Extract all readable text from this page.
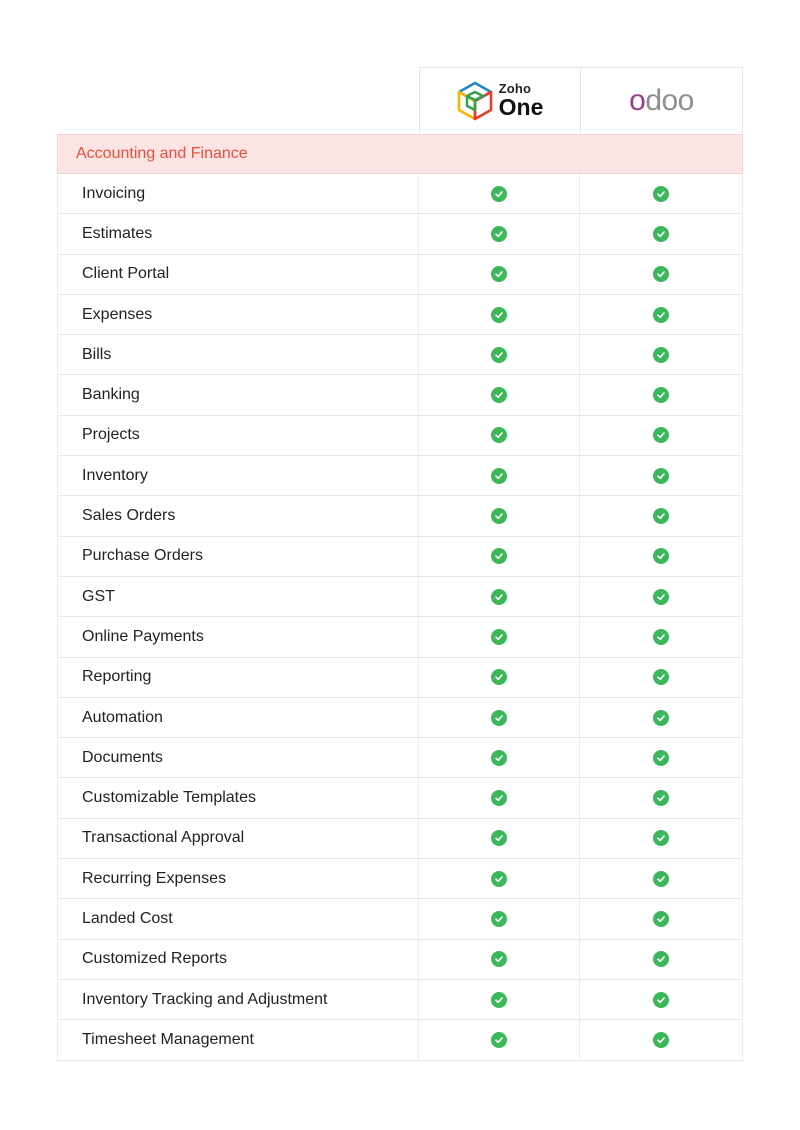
Zoho
One	o doo
Accounting and Finance
Invoicing
Estimates
Client Portal
Expenses
Bills
Banking
Projects
Inventory
Sales Orders
Purchase Orders
GST
Online Payments
Reporting
Automation
Documents
Customizable Templates
Transactional Approval
Recurring Expenses
Landed Cost
Customized Reports
Inventory Tracking and Adjustment
Timesheet Management
